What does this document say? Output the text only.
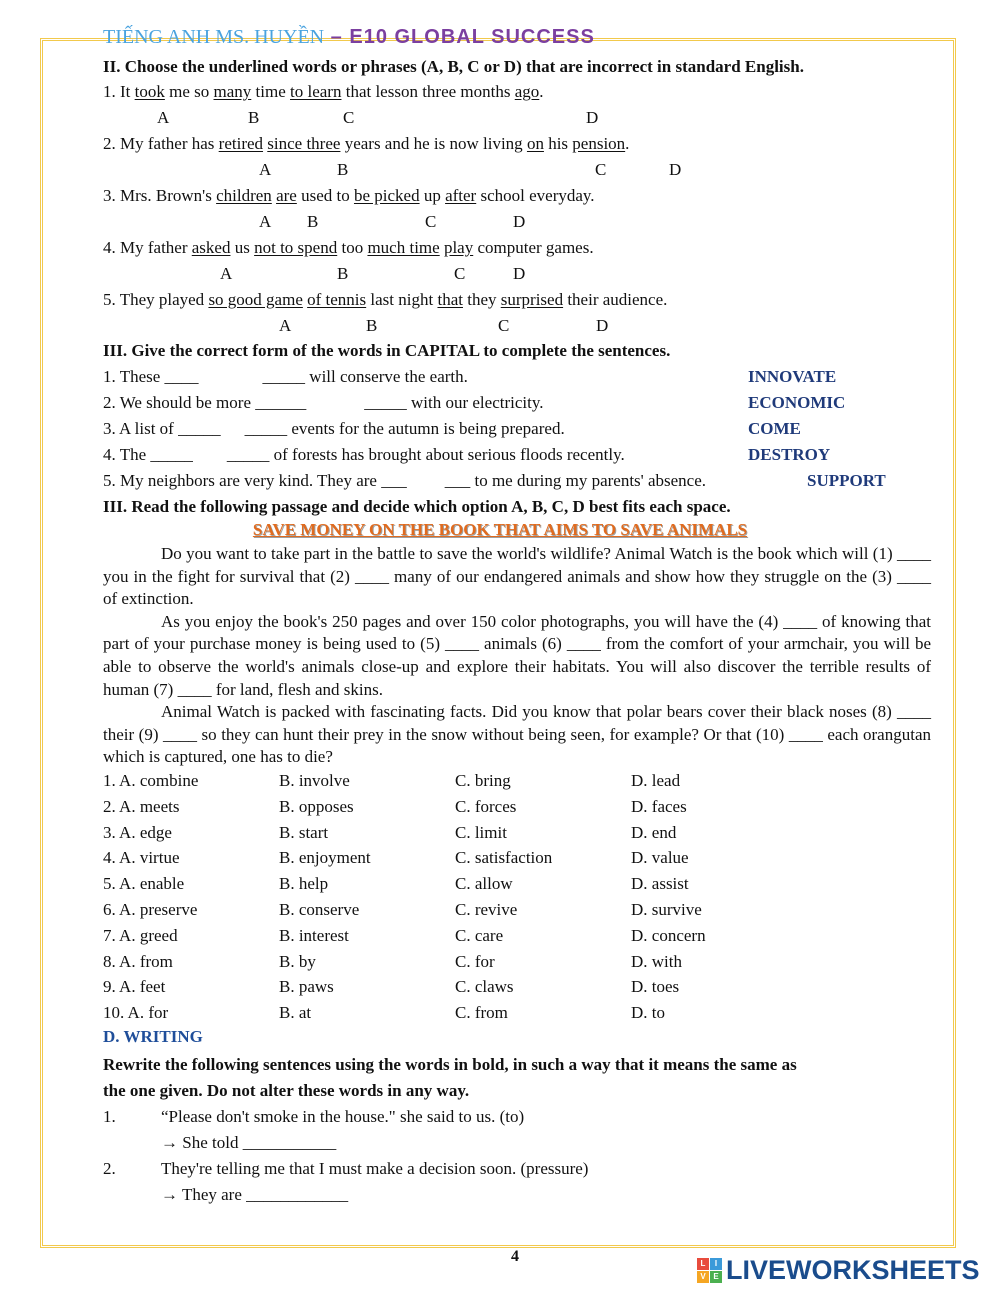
TIẾNG ANH MS. HUYỀN – E10 GLOBAL SUCCESS
II. Choose the underlined words or phrases (A, B, C or D) that are incorrect in standard English.
1. It took me so many time to learn that lesson three months ago.
A	B	C	D
2. My father has retired since three years and he is now living on his pension.
A	B	C	D
3. Mrs. Brown's children are used to be picked up after school everyday.
A B	C	D
4. My father asked us not to spend too much time play computer games.
A	B	C	D
5. They played so good game of tennis last night that they surprised their audience.
A	B	C	D
III. Give the correct form of the words in CAPITAL to complete the sentences.
1. These ____	_____ will conserve the earth.	INNOVATE
2. We should be more ______	_____ with our electricity.	ECONOMIC
3. A list of _____ _____ events for the autumn is being prepared.	COME
4. The _____ _____ of forests has brought about serious floods recently.	DESTROY
5. My neighbors are very kind. They are ___ ___ to me during my parents' absence.	SUPPORT
III. Read the following passage and decide which option A, B, C, D best fits each space.
SAVE MONEY ON THE BOOK THAT AIMS TO SAVE ANIMALS

Do you want to take part in the battle to save the world's wildlife? Animal Watch is the book which will (1) ____ you in the fight for survival that (2) ____ many of our endangered animals and show how they struggle on the (3) ____ of extinction.

As you enjoy the book's 250 pages and over 150 color photographs, you will have the (4) ____ of knowing that part of your purchase money is being used to (5) ____ animals (6) ____ from the comfort of your armchair, you will be able to observe the world's animals close-up and explore their habitats. You will also discover the terrible results of human (7) ____ for land, flesh and skins.

Animal Watch is packed with fascinating facts. Did you know that polar bears cover their black noses (8) ____ their (9) ____ so they can hunt their prey in the snow without being seen, for example? Or that (10) ____ each orangutan which is captured, one has to die?

1. A. combine	B. involve	C. bring	D. lead
2. A. meets	B. opposes	C. forces	D. faces
3. A. edge	B. start	C. limit	D. end
4. A. virtue	B. enjoyment	C. satisfaction	D. value
5. A. enable	B. help	C. allow	D. assist
6. A. preserve	B. conserve	C. revive	D. survive
7. A. greed	B. interest	C. care	D. concern
8. A. from	B. by	C. for	D. with
9. A. feet	B. paws	C. claws	D. toes
10. A. for	B. at	C. from	D. to
D. WRITING
Rewrite the following sentences using the words in bold, in such a way that it means the same as
the one given. Do not alter these words in any way.
1.	“Please don't smoke in the house." she said to us. (to)
→ She told ___________
2.	They're telling me that I must make a decision soon. (pressure)
→ They are ____________
4	L	I
V E LIVEWORKSHEETS
